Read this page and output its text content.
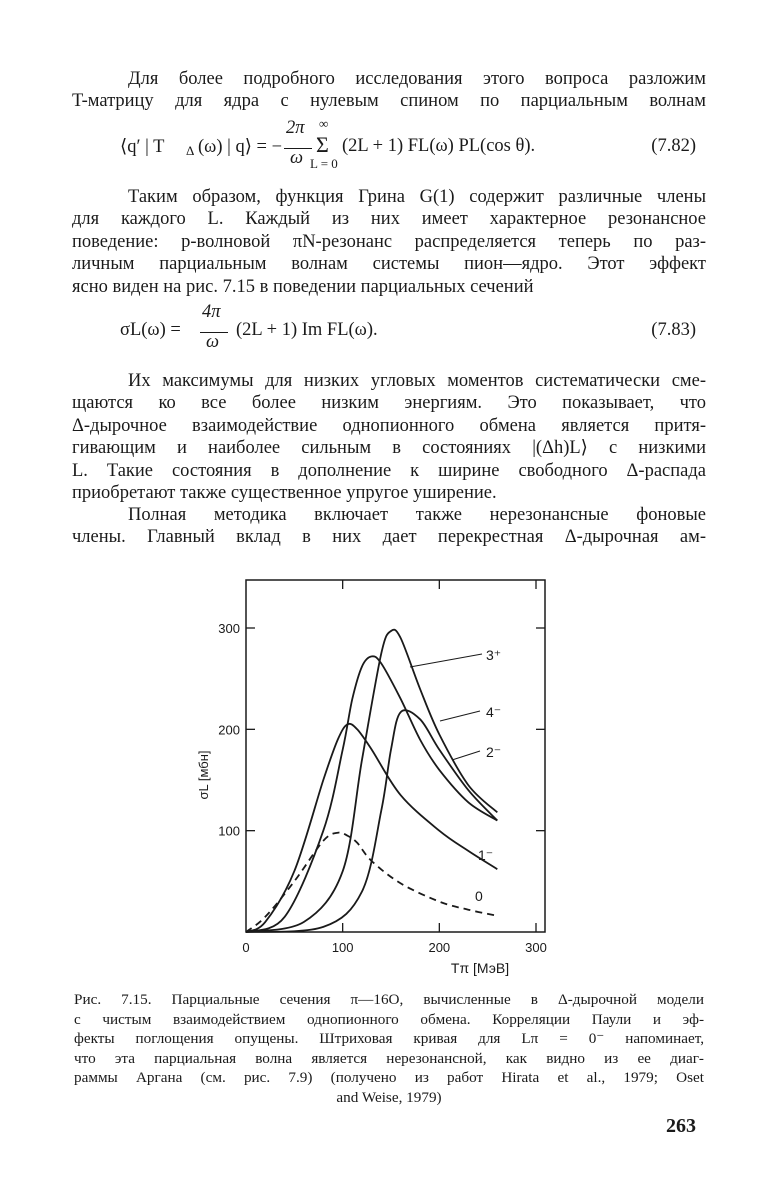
Для более подробного исследования этого вопроса разложим
T-матрицу для ядра с нулевым спином по парциальным волнам
⟨q′ | T Δ (ω) | q⟩ = −
2π
ω
∞
Σ
L = 0
(2L + 1) FL(ω) PL(cos θ).	(7.82)
Таким образом, функция Грина G(1) содержит различные члены
для каждого L. Каждый из них имеет характерное резонансное
поведение: p-волновой πN-резонанс распределяется теперь по раз-
личным парциальным волнам системы пион—ядро. Этот эффект
ясно виден на рис. 7.15 в поведении парциальных сечений
σL(ω) =
4π
ω
(2L + 1) Im FL(ω).	(7.83)
Их максимумы для низких угловых моментов систематически сме-
щаются ко все более низким энергиям. Это показывает, что
Δ-дырочное взаимодействие однопионного обмена является притя-
гивающим и наиболее сильным в состояниях |(Δh)L⟩ с низкими
L. Такие состояния в дополнение к ширине свободного Δ-распада
приобретают также существенное упругое уширение.
Полная методика включает также нерезонансные фоновые
члены. Главный вклад в них дает перекрестная Δ-дырочная ам-
0	100	200	300
100
200
300
Tπ [МэВ]
σL [мбн]
3⁺
4⁻
2⁻
1⁻
0
Рис. 7.15. Парциальные сечения π—16O, вычисленные в Δ-дырочной модели
с чистым взаимодействием однопионного обмена. Корреляции Паули и эф-
фекты поглощения опущены. Штриховая кривая для Lπ = 0⁻ напоминает,
что эта парциальная волна является нерезонансной, как видно из ее диаг-
раммы Аргана (см. рис. 7.9) (получено из работ Hirata et al., 1979; Oset
and Weise, 1979)
263
